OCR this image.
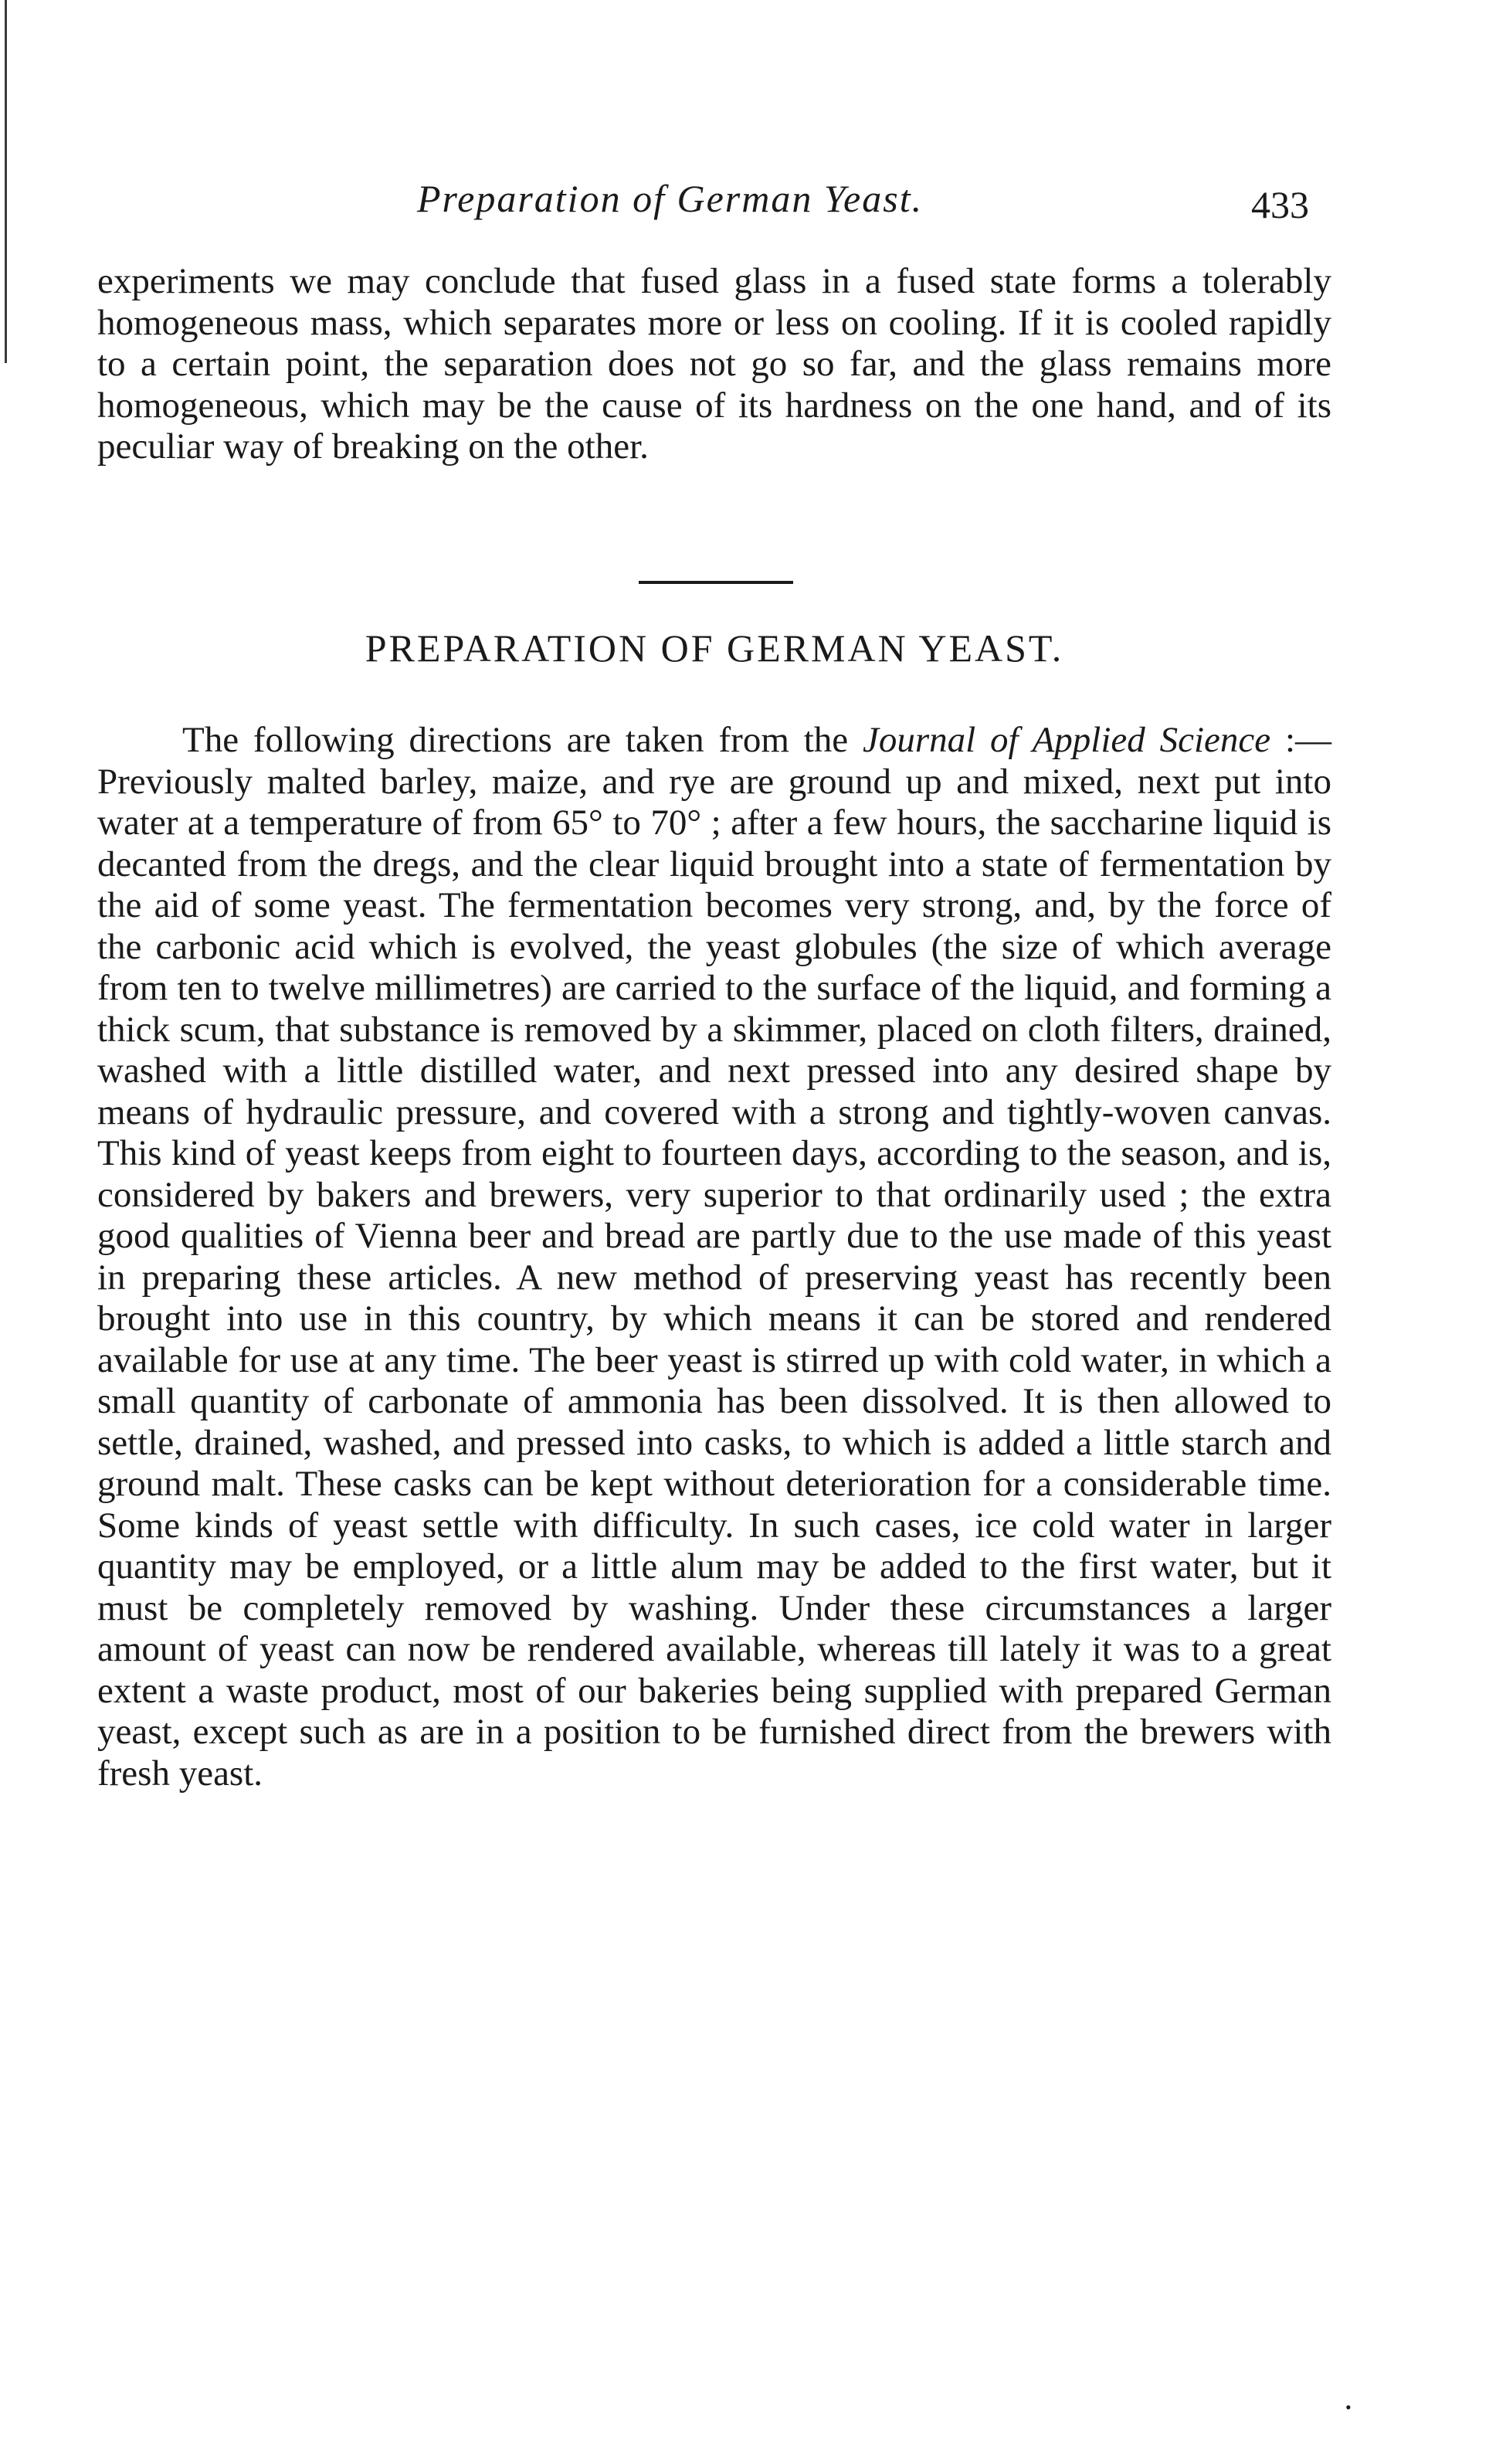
Preparation of German Yeast.	433

experiments we may conclude that fused glass in a fused state forms a tolerably homogeneous mass, which separates more or less on cooling. If it is cooled rapidly to a certain point, the separation does not go so far, and the glass remains more homogeneous, which may be the cause of its hardness on the one hand, and of its peculiar way of breaking on the other.

PREPARATION OF GERMAN YEAST.

The following directions are taken from the Journal of Applied Science :—Previously malted barley, maize, and rye are ground up and mixed, next put into water at a temperature of from 65° to 70° ; after a few hours, the saccharine liquid is decanted from the dregs, and the clear liquid brought into a state of fermentation by the aid of some yeast. The fermentation becomes very strong, and, by the force of the carbonic acid which is evolved, the yeast globules (the size of which average from ten to twelve millimetres) are carried to the surface of the liquid, and forming a thick scum, that substance is removed by a skimmer, placed on cloth filters, drained, washed with a little distilled water, and next pressed into any desired shape by means of hydraulic pressure, and covered with a strong and tightly-woven canvas. This kind of yeast keeps from eight to fourteen days, according to the season, and is, considered by bakers and brewers, very superior to that ordinarily used ; the extra good qualities of Vienna beer and bread are partly due to the use made of this yeast in preparing these articles. A new method of preserving yeast has recently been brought into use in this country, by which means it can be stored and rendered available for use at any time. The beer yeast is stirred up with cold water, in which a small quantity of carbonate of ammonia has been dissolved. It is then allowed to settle, drained, washed, and pressed into casks, to which is added a little starch and ground malt. These casks can be kept without deterioration for a considerable time. Some kinds of yeast settle with difficulty. In such cases, ice cold water in larger quantity may be employed, or a little alum may be added to the first water, but it must be completely removed by washing. Under these circumstances a larger amount of yeast can now be rendered available, whereas till lately it was to a great extent a waste product, most of our bakeries being supplied with prepared German yeast, except such as are in a position to be furnished direct from the brewers with fresh yeast.

•
